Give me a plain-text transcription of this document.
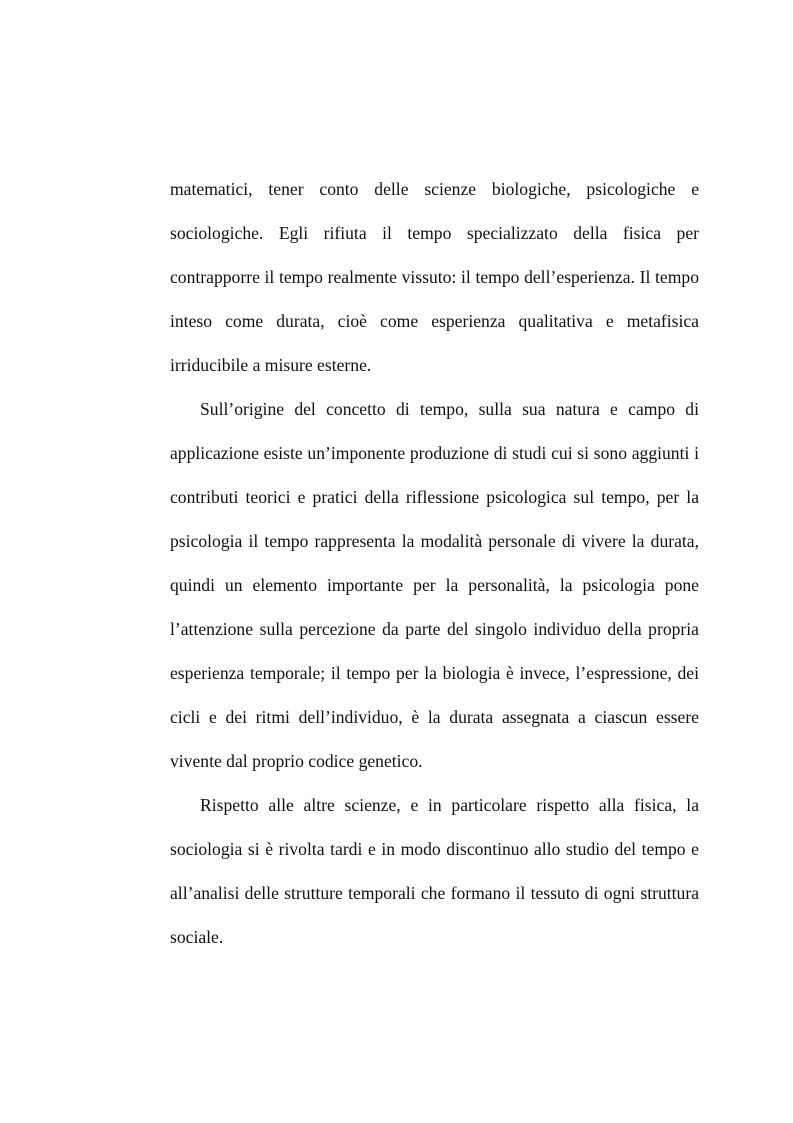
matematici, tener conto delle scienze biologiche, psicologiche e sociologiche. Egli rifiuta il tempo specializzato della fisica per contrapporre il tempo realmente vissuto: il tempo dell’esperienza. Il tempo inteso come durata, cioè come esperienza qualitativa e metafisica irriducibile a misure esterne.

Sull’origine del concetto di tempo, sulla sua natura e campo di applicazione esiste un’imponente produzione di studi cui si sono aggiunti i contributi teorici e pratici della riflessione psicologica sul tempo, per la psicologia il tempo rappresenta la modalità personale di vivere la durata, quindi un elemento importante per la personalità, la psicologia pone l’attenzione sulla percezione da parte del singolo individuo della propria esperienza temporale; il tempo per la biologia è invece, l’espressione, dei cicli e dei ritmi dell’individuo, è la durata assegnata a ciascun essere vivente dal proprio codice genetico.

Rispetto alle altre scienze, e in particolare rispetto alla fisica, la sociologia si è rivolta tardi e in modo discontinuo allo studio del tempo e all’analisi delle strutture temporali che formano il tessuto di ogni struttura sociale.
